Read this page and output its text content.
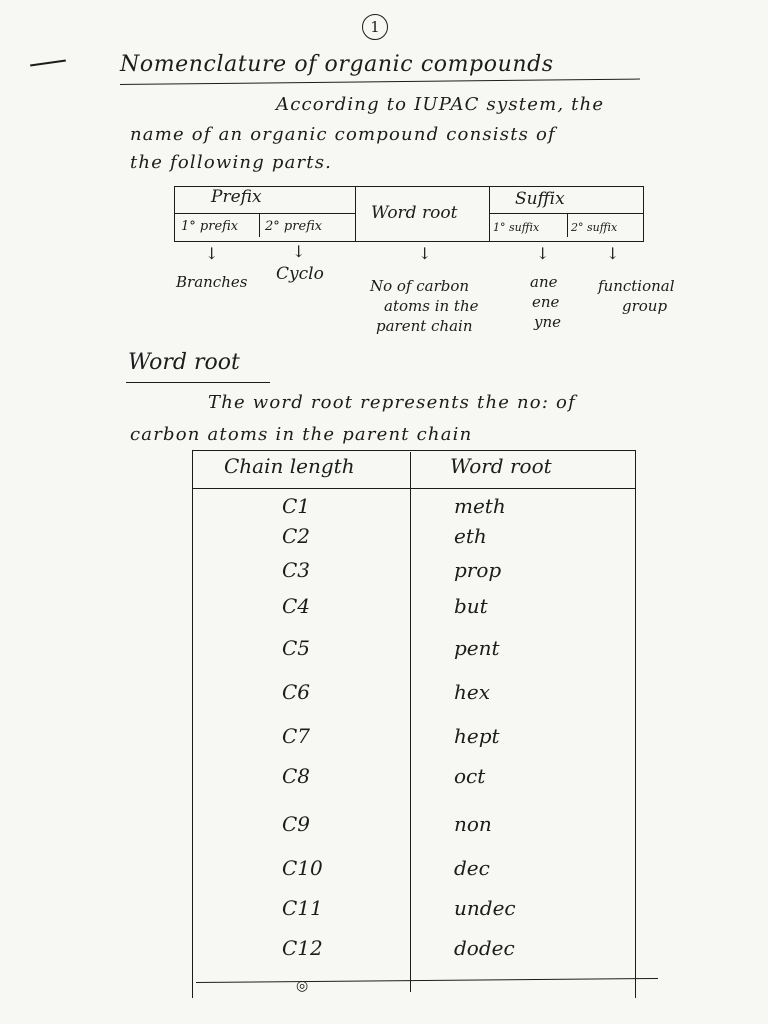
1
Nomenclature of organic compounds
According to IUPAC system, the
name of an organic compound consists of
the following parts.
Prefix
1° prefix 2° prefix
Word root
Suffix
1° suffix	2° suffix
↓	↓	↓	↓	↓
Branches Cyclo
No of carbon
atoms in the
parent chain
ane
ene
yne
functional
group
Word root
The word root represents the no: of
carbon atoms in the parent chain
Chain length	Word root
C1	meth
C2	eth
C3	prop
C4	but
C5	pent
C6	hex
C7	hept
C8	oct
C9	non
C10	dec
C11	undec
C12	dodec
◎
